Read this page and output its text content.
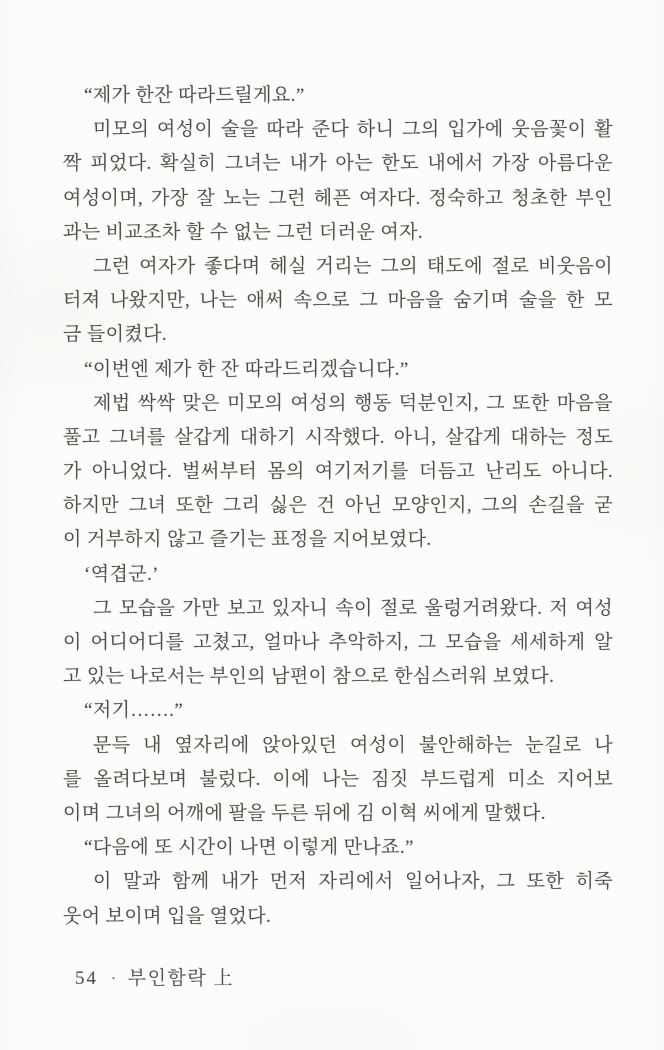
“제가 한잔 따라드릴게요.”
미모의 여성이 술을 따라 준다 하니 그의 입가에 웃음꽃이 활
짝 피었다. 확실히 그녀는 내가 아는 한도 내에서 가장 아름다운
여성이며, 가장 잘 노는 그런 헤픈 여자다. 정숙하고 청초한 부인
과는 비교조차 할 수 없는 그런 더러운 여자.
그런 여자가 좋다며 헤실 거리는 그의 태도에 절로 비웃음이
터져 나왔지만, 나는 애써 속으로 그 마음을 숨기며 술을 한 모
금 들이켰다.
“이번엔 제가 한 잔 따라드리겠습니다.”
제법 싹싹 맞은 미모의 여성의 행동 덕분인지, 그 또한 마음을
풀고 그녀를 살갑게 대하기 시작했다. 아니, 살갑게 대하는 정도
가 아니었다. 벌써부터 몸의 여기저기를 더듬고 난리도 아니다.
하지만 그녀 또한 그리 싫은 건 아닌 모양인지, 그의 손길을 굳
이 거부하지 않고 즐기는 표정을 지어보였다.
‘역겹군.’
그 모습을 가만 보고 있자니 속이 절로 울렁거려왔다. 저 여성
이 어디어디를 고쳤고, 얼마나 추악하지, 그 모습을 세세하게 알
고 있는 나로서는 부인의 남편이 참으로 한심스러워 보였다.
“저기…….”
문득 내 옆자리에 앉아있던 여성이 불안해하는 눈길로 나
를 올려다보며 불렀다. 이에 나는 짐짓 부드럽게 미소 지어보
이며 그녀의 어깨에 팔을 두른 뒤에 김 이혁 씨에게 말했다.
“다음에 또 시간이 나면 이렇게 만나죠.”
이 말과 함께 내가 먼저 자리에서 일어나자, 그 또한 히죽
웃어 보이며 입을 열었다.
54 · 부인함락 上
